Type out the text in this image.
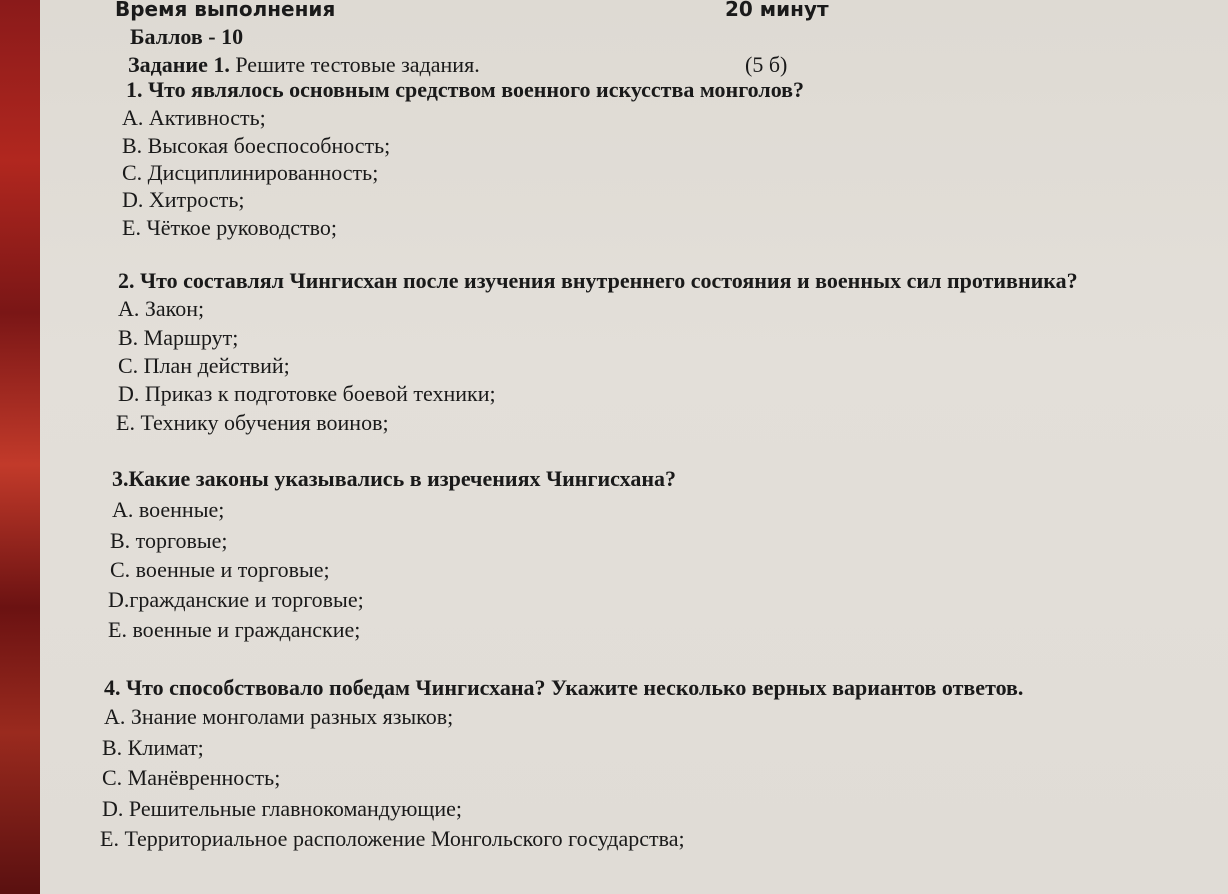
Время выполнения	20 минут
Баллов - 10
Задание 1. Решите тестовые задания.	(5 б)
1. Что являлось основным средством военного искусства монголов?
A. Активность;
B. Высокая боеспособность;
C. Дисциплинированность;
D. Хитрость;
E. Чёткое руководство;
2. Что составлял Чингисхан после изучения внутреннего состояния и военных сил противника?
A. Закон;
B. Маршрут;
C. План действий;
D. Приказ к подготовке боевой техники;
E. Технику обучения воинов;
3.Какие законы указывались в изречениях Чингисхана?
A. военные;
B. торговые;
C. военные и торговые;
D.гражданские и торговые;
E. военные и гражданские;
4. Что способствовало победам Чингисхана? Укажите несколько верных вариантов ответов.
A. Знание монголами разных языков;
B. Климат;
C. Манёвренность;
D. Решительные главнокомандующие;
E. Территориальное расположение Монгольского государства;
